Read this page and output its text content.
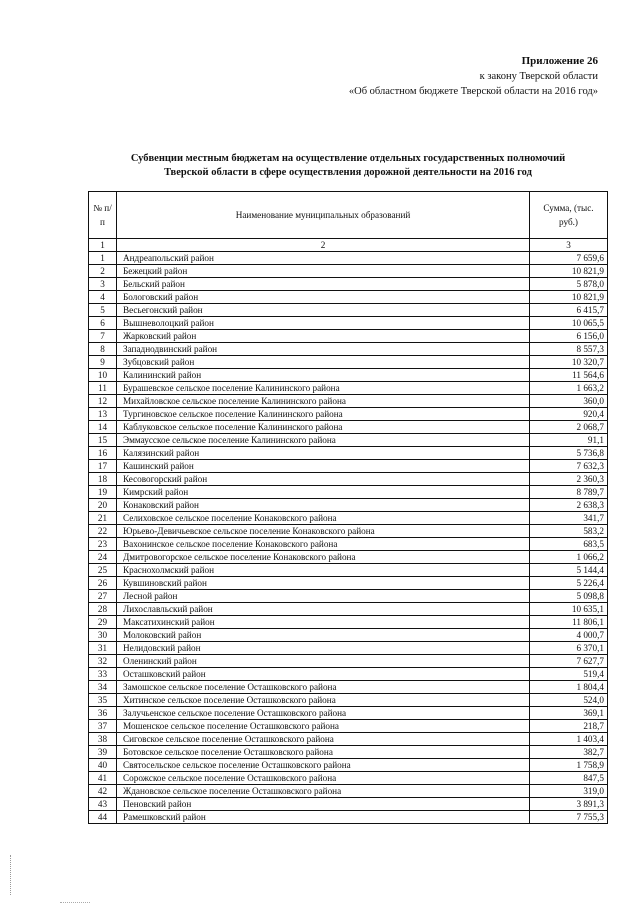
Приложение 26
к закону Тверской области
«Об областном бюджете Тверской области на 2016 год»
Субвенции местным бюджетам на осуществление отдельных государственных полномочий
Тверской области в сфере осуществления дорожной деятельности на 2016 год
№ п/п	Наименование муниципальных образований	Сумма, (тыс. руб.)
1	2	3
1	Андреапольский район	7 659,6
2	Бежецкий район	10 821,9
3	Бельский район	5 878,0
4	Бологовский район	10 821,9
5	Весьегонский район	6 415,7
6	Вышневолоцкий район	10 065,5
7	Жарковский район	6 156,0
8	Западнодвинский район	8 557,3
9	Зубцовский район	10 320,7
10	Калининский район	11 564,6
11	Бурашевское сельское поселение Калининского района	1 663,2
12	Михайловское сельское поселение Калининского района	360,0
13	Тургиновское сельское поселение Калининского района	920,4
14	Каблуковское сельское поселение Калининского района	2 068,7
15	Эммаусское сельское поселение Калининского района	91,1
16	Калязинский район	5 736,8
17	Кашинский район	7 632,3
18	Кесовогорский район	2 360,3
19	Кимрский район	8 789,7
20	Конаковский район	2 638,3
21	Селиховское сельское поселение Конаковского района	341,7
22	Юрьево-Девичьевское сельское поселение Конаковского района	583,2
23	Вахонинское сельское поселение Конаковского района	683,5
24	Дмитровогорское сельское поселение Конаковского района	1 066,2
25	Краснохолмский район	5 144,4
26	Кувшиновский район	5 226,4
27	Лесной район	5 098,8
28	Лихославльский район	10 635,1
29	Максатихинский район	11 806,1
30	Молоковский район	4 000,7
31	Нелидовский район	6 370,1
32	Оленинский район	7 627,7
33	Осташковский район	519,4
34	Замошское сельское поселение Осташковского района	1 804,4
35	Хитинское сельское поселение Осташковского района	524,0
36	Залучьенское сельское поселение Осташковского района	369,1
37	Мошенское сельское поселение Осташковского района	218,7
38	Сиговское сельское поселение Осташковского района	1 403,4
39	Ботовское сельское поселение Осташковского района	382,7
40	Святосельское сельское поселение Осташковского района	1 758,9
41	Сорожское сельское поселение Осташковского района	847,5
42	Ждановское сельское поселение Осташковского района	319,0
43	Пеновский район	3 891,3
44	Рамешковский район	7 755,3
